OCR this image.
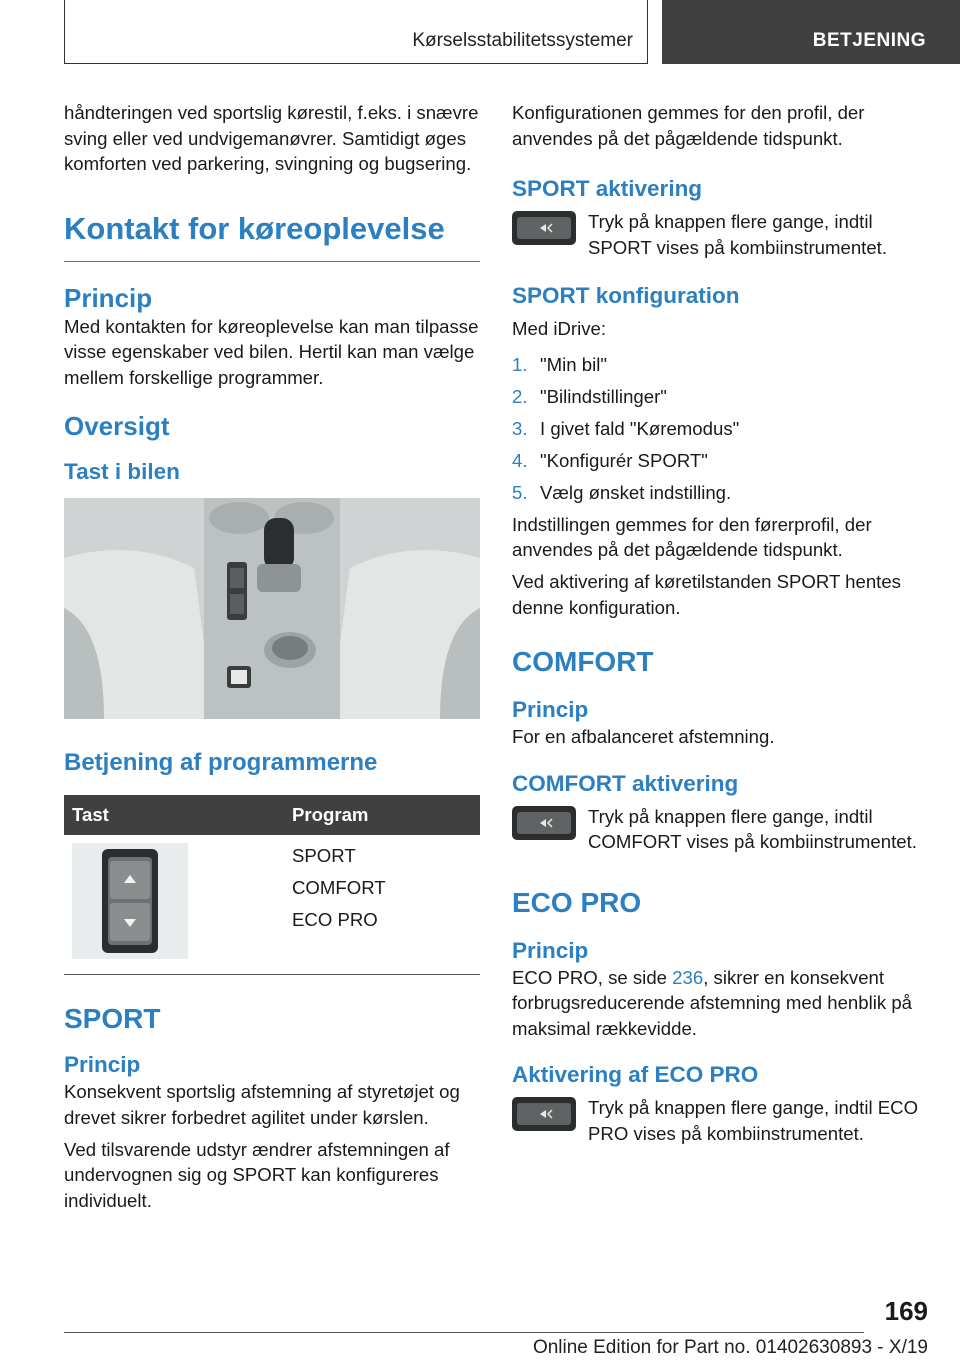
Kørselsstabilitetssystemer	BETJENING

håndteringen ved sportslig kørestil, f.eks. i snævre sving eller ved undvigemanøvrer. Samtidigt øges komforten ved parkering, svingning og bugsering.

Kontakt for køreoplevelse
Princip

Med kontakten for køreoplevelse kan man tilpasse visse egenskaber ved bilen. Hertil kan man vælge mellem forskellige programmer.

Oversigt
Tast i bilen
Betjening af programmerne
Tast	Program

SPORT

COMFORT

ECO PRO

SPORT
Princip

Konsekvent sportslig afstemning af styretøjet og drevet sikrer forbedret agilitet under kørslen.

Ved tilsvarende udstyr ændrer afstemningen af undervognen sig og SPORT kan konfigureres individuelt.

Konfigurationen gemmes for den profil, der anvendes på det pågældende tidspunkt.

SPORT aktivering

Tryk på knappen flere gange, indtil SPORT vises på kombiinstrumentet.

SPORT konfiguration

Med iDrive:

1. "Min bil"
2. "Bilindstillinger"
3. I givet fald "Køremodus"
4. "Konfigurér SPORT"
5. Vælg ønsket indstilling.

Indstillingen gemmes for den førerprofil, der anvendes på det pågældende tidspunkt.

Ved aktivering af køretilstanden SPORT hentes denne konfiguration.

COMFORT
Princip

For en afbalanceret afstemning.

COMFORT aktivering

Tryk på knappen flere gange, indtil COMFORT vises på kombiinstrumentet.

ECO PRO
Princip

ECO PRO, se side 236, sikrer en konsekvent forbrugsreducerende afstemning med henblik på maksimal rækkevidde.

Aktivering af ECO PRO

Tryk på knappen flere gange, indtil ECO PRO vises på kombiinstrumentet.

169
Online Edition for Part no. 01402630893 - X/19
